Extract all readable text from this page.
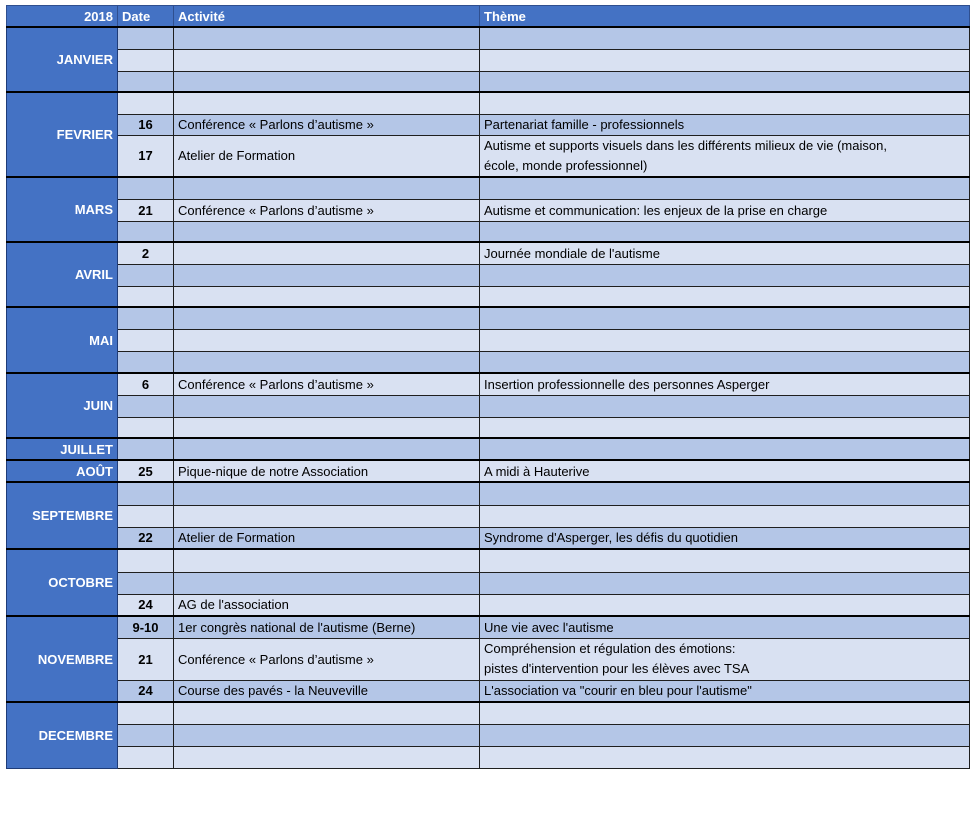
2018	Date	Activité	Thème
JANVIER			

FEVRIER			
	16	Conférence « Parlons d’autisme »	Partenariat famille - professionnels
	17	Atelier de Formation	Autisme et supports visuels dans les différents milieux de vie (maison,
école, monde professionnel)

MARS			
	21	Conférence « Parlons d’autisme »	Autisme et communication: les enjeux de la prise en charge

AVRIL	2		Journée mondiale de l'autisme

MAI			

JUIN	6	Conférence « Parlons d’autisme »	Insertion professionnelle des personnes Asperger

JUILLET			
AOÛT	25	Pique-nique de notre Association	A midi à Hauterive
SEPTEMBRE			

	22	Atelier de Formation	Syndrome d'Asperger, les défis du quotidien
OCTOBRE			

	24	AG de l'association	
NOVEMBRE	9-10	1er congrès national de l'autisme (Berne)	Une vie avec l'autisme
	21	Conférence « Parlons d’autisme »	Compréhension et régulation des émotions:
pistes d'intervention pour les élèves avec TSA

	24	Course des pavés - la Neuveville	L'association va "courir en bleu pour l'autisme"
DECEMBRE			
